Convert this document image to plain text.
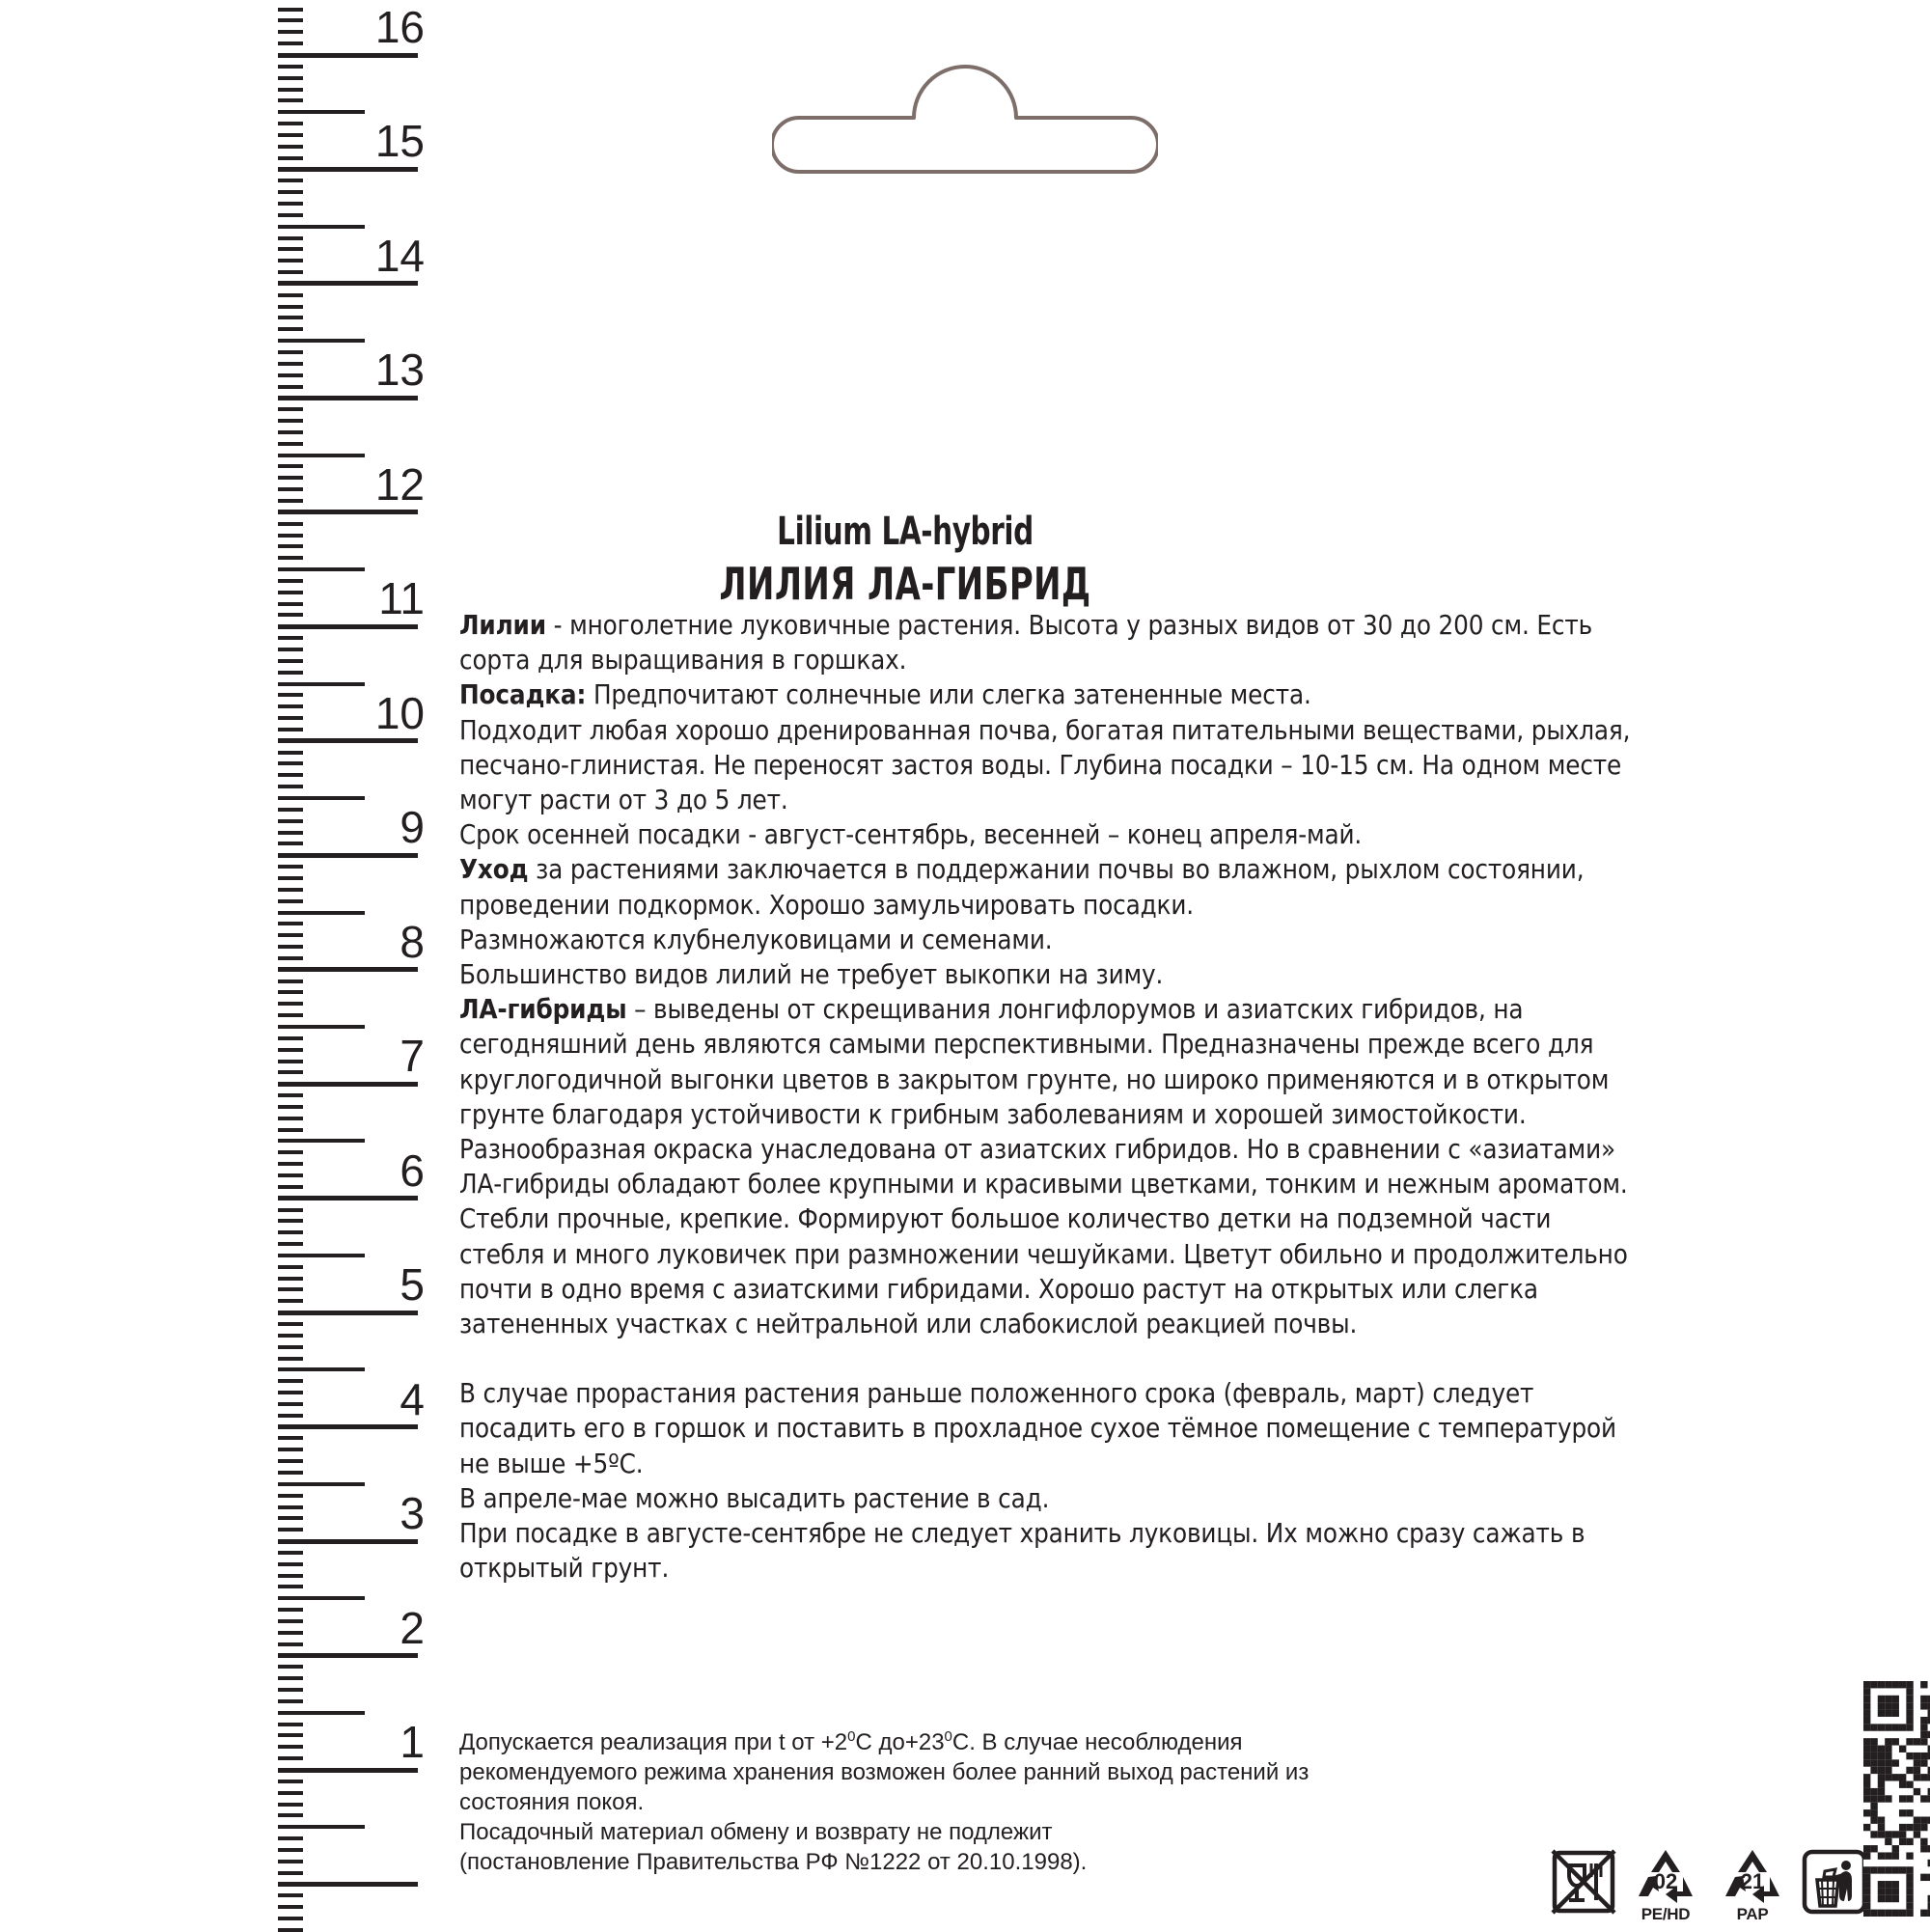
16
15
14
13
12
11
10
9
8
7
6
5
4
3
2
1
Lilium LA-hybrid
ЛИЛИЯ ЛА-ГИБРИД

Лилии - многолетние луковичные растения. Высота у разных видов от 30 до 200 см. Есть сорта для выращивания в горшках.

Посадка: Предпочитают солнечные или слегка затененные места.

Подходит любая хорошо дренированная почва, богатая питательными веществами, рыхлая, песчано-глинистая. Не переносят застоя воды. Глубина посадки – 10-15 см. На одном месте могут расти от 3 до 5 лет.

Срок осенней посадки - август-сентябрь, весенней – конец апреля-май.

Уход за растениями заключается в поддержании почвы во влажном, рыхлом состоянии, проведении подкормок. Хорошо замульчировать посадки.

Размножаются клубнелуковицами и семенами.

Большинство видов лилий не требует выкопки на зиму.

ЛА-гибриды – выведены от скрещивания лонгифлорумов и азиатских гибридов, на сегодняшний день являются самыми перспективными. Предназначены прежде всего для круглогодичной выгонки цветов в закрытом грунте, но широко применяются и в открытом грунте благодаря устойчивости к грибным заболеваниям и хорошей зимостойкости. Разнообразная окраска унаследована от азиатских гибридов. Но в сравнении с «азиатами» ЛА-гибриды обладают более крупными и красивыми цветками, тонким и нежным ароматом. Стебли прочные, крепкие. Формируют большое количество детки на подземной части стебля и много луковичек при размножении чешуйками. Цветут обильно и продолжительно почти в одно время с азиатскими гибридами. Хорошо растут на открытых или слегка затененных участках с нейтральной или слабокислой реакцией почвы.

В случае прорастания растения раньше положенного срока (февраль, март) следует посадить его в горшок и поставить в прохладное сухое тёмное помещение с температурой не выше +5ºС.

В апреле-мае можно высадить растение в сад.

При посадке в августе-сентябре не следует хранить луковицы. Их можно сразу сажать в открытый грунт.

Допускается реализация при t от $+2^0С$ $до+23^0С$. В случае несоблюдения

рекомендуемого режима хранения возможен более ранний выход растений из

состояния покоя.

Посадочный материал обмену и возврату не подлежит

(постановление Правительства РФ №1222 от 20.10.1998).

02
PE/HD
21
PAP
